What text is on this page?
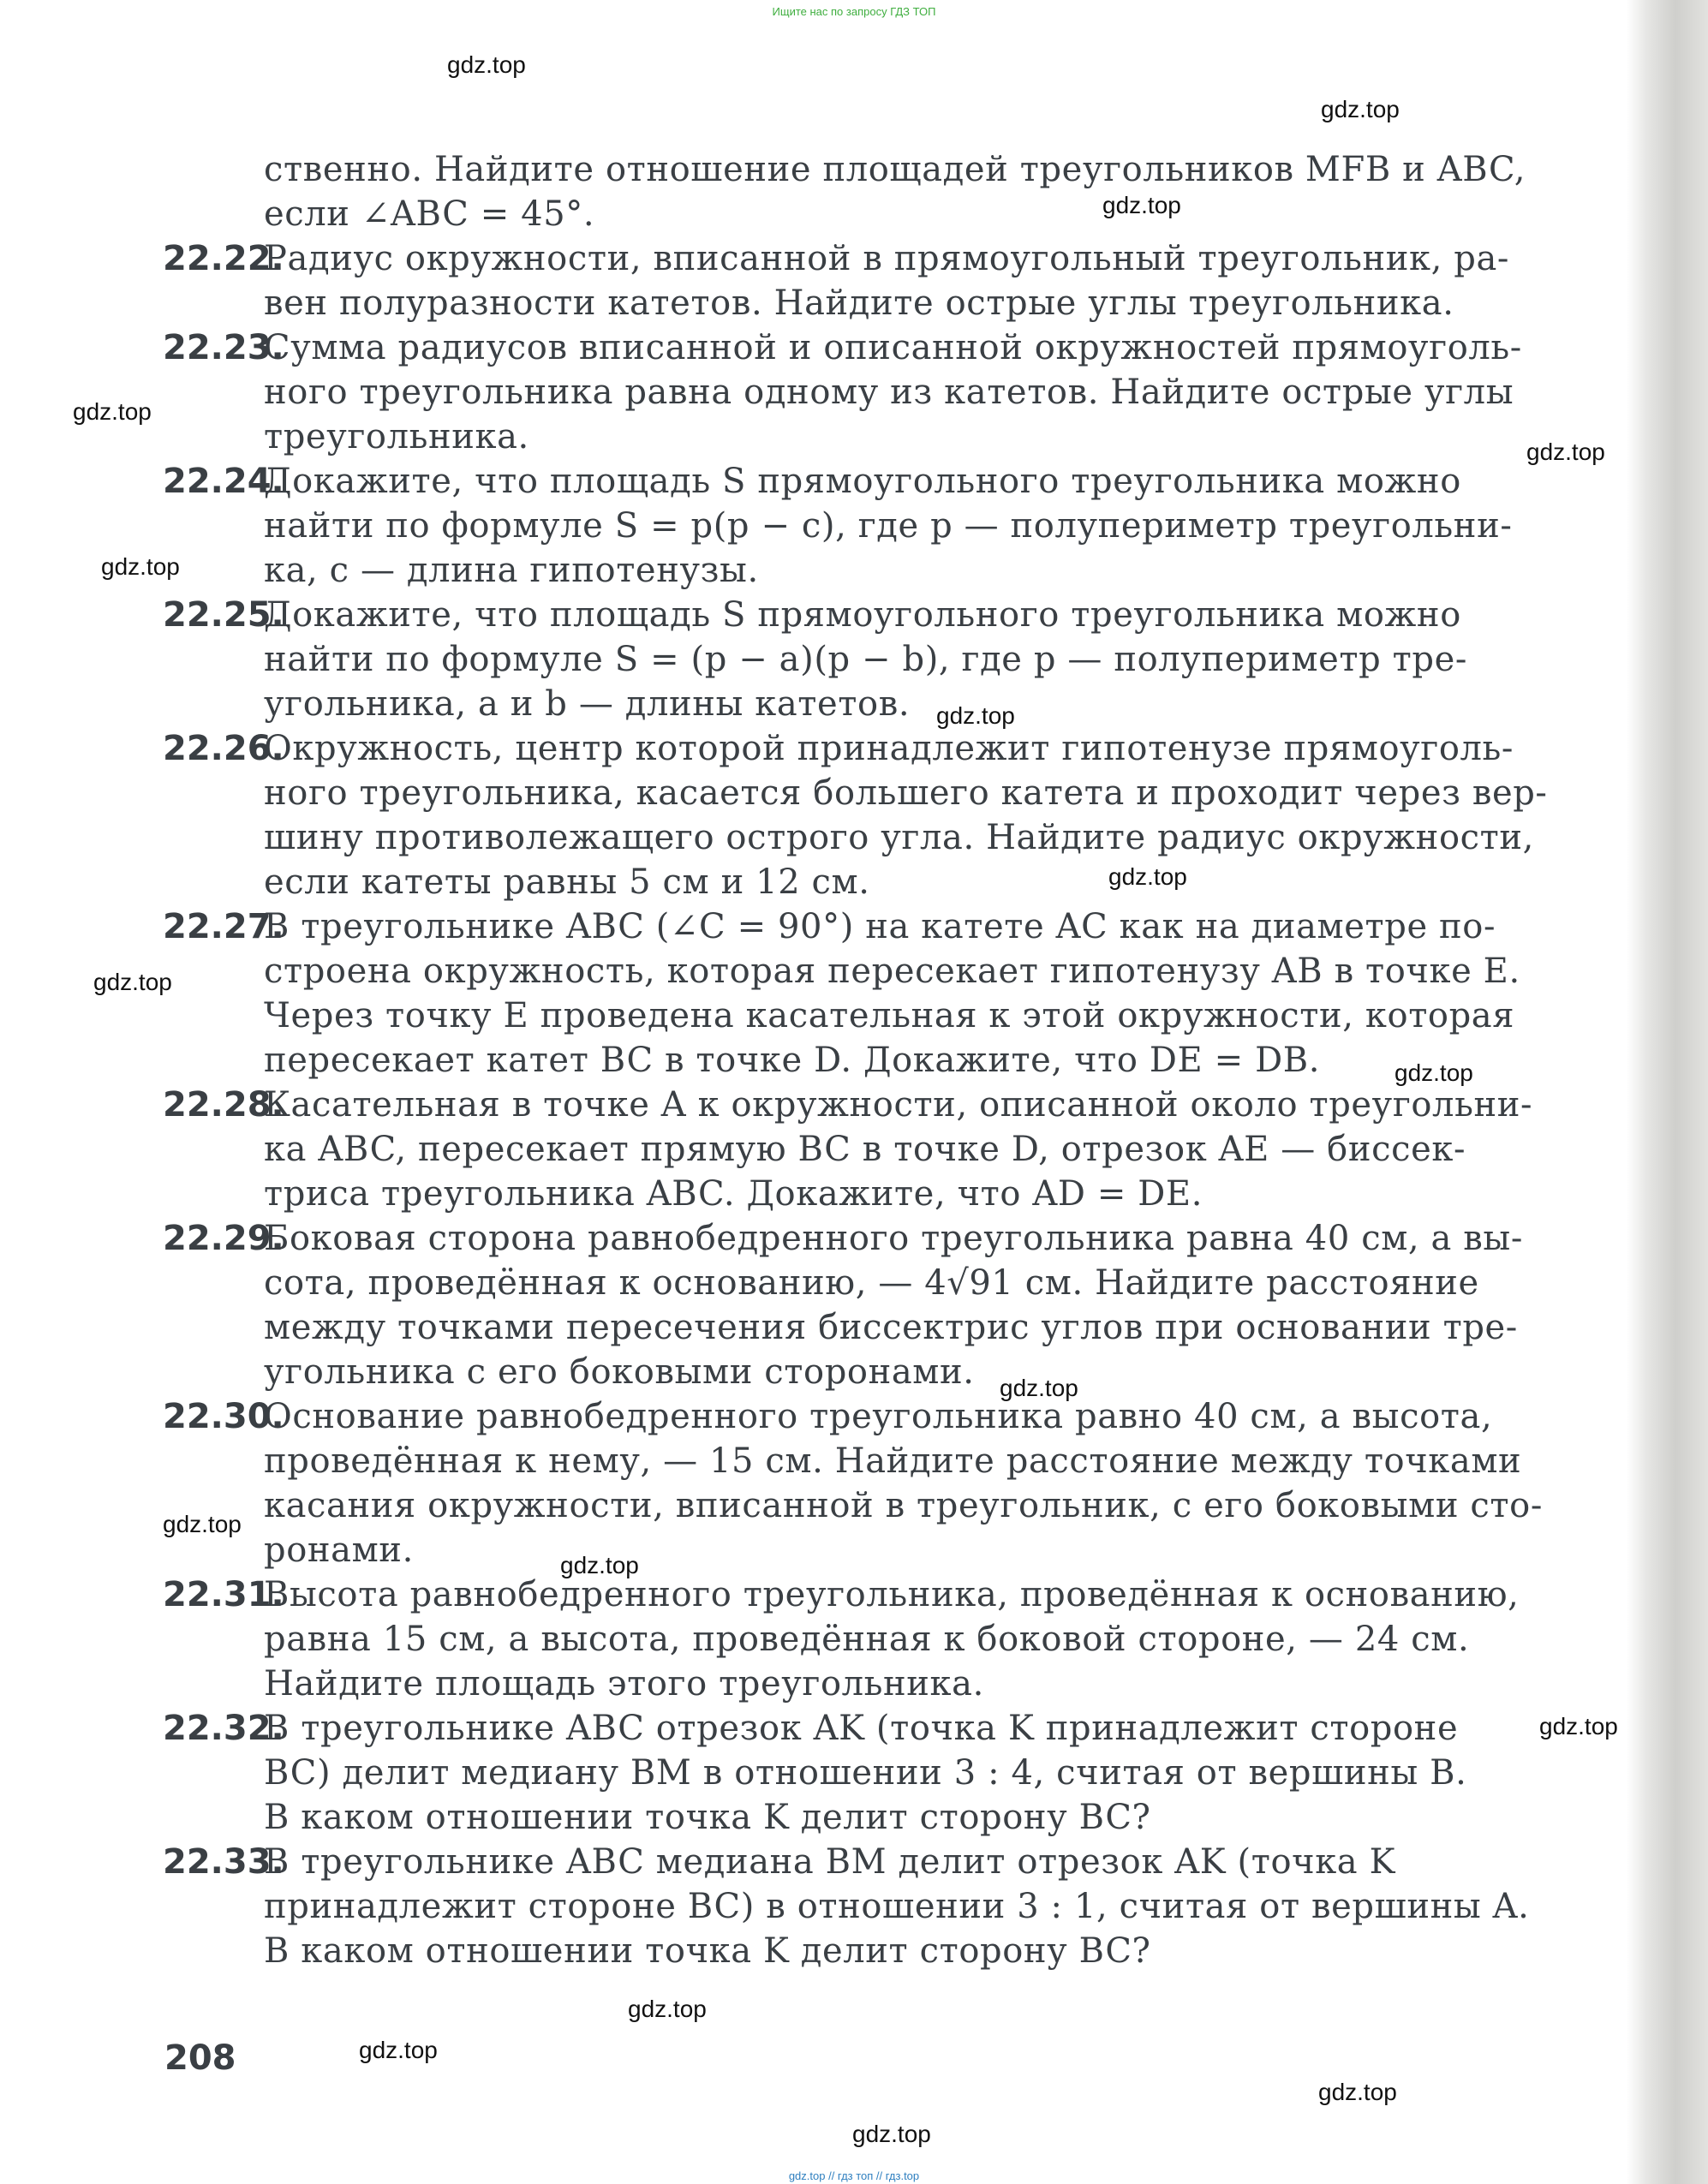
Ищите нас по запросу ГДЗ ТОП
ственно. Найдите отношение площадей треугольников MFB и ABC,
если ∠ABC = 45°.
22.22.Радиус окружности, вписанной в прямоугольный треугольник, ра-
вен полуразности катетов. Найдите острые углы треугольника.
22.23.Сумма радиусов вписанной и описанной окружностей прямоуголь-
ного треугольника равна одному из катетов. Найдите острые углы
треугольника.
22.24.Докажите, что площадь S прямоугольного треугольника можно
найти по формуле S = p(p − c), где p — полупериметр треугольни-
ка, c — длина гипотенузы.
22.25.Докажите, что площадь S прямоугольного треугольника можно
найти по формуле S = (p − a)(p − b), где p — полупериметр тре-
угольника, a и b — длины катетов.
22.26.Окружность, центр которой принадлежит гипотенузе прямоуголь-
ного треугольника, касается большего катета и проходит через вер-
шину противолежащего острого угла. Найдите радиус окружности,
если катеты равны 5 см и 12 см.
22.27.В треугольнике ABC (∠C = 90°) на катете AC как на диаметре по-
строена окружность, которая пересекает гипотенузу AB в точке E.
Через точку E проведена касательная к этой окружности, которая
пересекает катет BC в точке D. Докажите, что DE = DB.
22.28.Касательная в точке A к окружности, описанной около треугольни-
ка ABC, пересекает прямую BC в точке D, отрезок AE — биссек-
триса треугольника ABC. Докажите, что AD = DE.
22.29.Боковая сторона равнобедренного треугольника равна 40 см, а вы-
сота, проведённая к основанию, — 4√91 см. Найдите расстояние
между точками пересечения биссектрис углов при основании тре-
угольника с его боковыми сторонами.
22.30.Основание равнобедренного треугольника равно 40 см, а высота,
проведённая к нему, — 15 см. Найдите расстояние между точками
касания окружности, вписанной в треугольник, с его боковыми сто-
ронами.
22.31.Высота равнобедренного треугольника, проведённая к основанию,
равна 15 см, а высота, проведённая к боковой стороне, — 24 см.
Найдите площадь этого треугольника.
22.32.В треугольнике ABC отрезок AK (точка K принадлежит стороне
BC) делит медиану BM в отношении 3 : 4, считая от вершины B.
В каком отношении точка K делит сторону BC?
22.33.В треугольнике ABC медиана BM делит отрезок AK (точка K
принадлежит стороне BC) в отношении 3 : 1, считая от вершины A.
В каком отношении точка K делит сторону BC?
208
gdz.top // гдз топ // гдз.top
gdz.top
gdz.top
gdz.top
gdz.top
gdz.top
gdz.top
gdz.top
gdz.top
gdz.top
gdz.top
gdz.top
gdz.top
gdz.top
gdz.top
gdz.top
gdz.top
gdz.top
gdz.top
